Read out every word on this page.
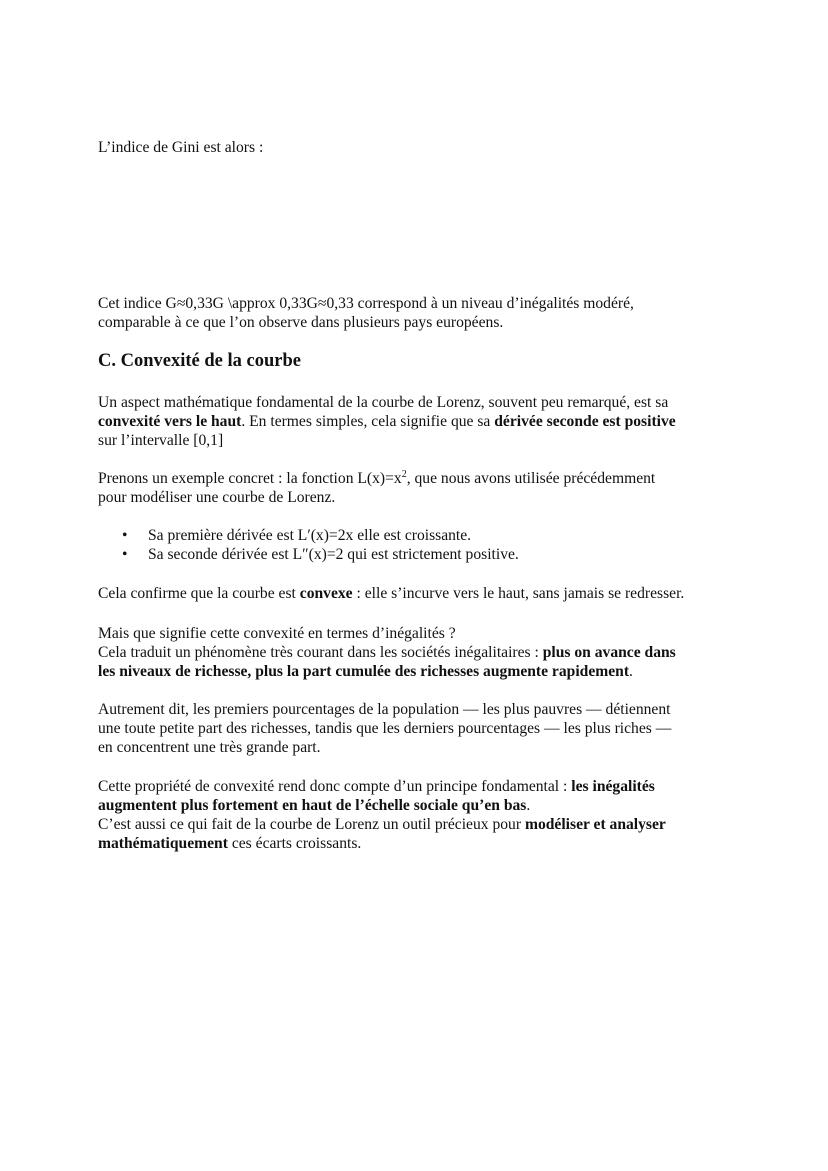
L’indice de Gini est alors :

Cet indice G≈0,33G \approx 0,33G≈0,33 correspond à un niveau d’inégalités modéré,
comparable à ce que l’on observe dans plusieurs pays européens.

C. Convexité de la courbe

Un aspect mathématique fondamental de la courbe de Lorenz, souvent peu remarqué, est sa
convexité vers le haut. En termes simples, cela signifie que sa dérivée seconde est positive
sur l’intervalle [0,1]

Prenons un exemple concret : la fonction $L(x)=x^2$, que nous avons utilisée précédemment
pour modéliser une courbe de Lorenz.

• Sa première dérivée est L′(x)=2x elle est croissante.
• Sa seconde dérivée est L″(x)=2 qui est strictement positive.

Cela confirme que la courbe est convexe : elle s’incurve vers le haut, sans jamais se redresser.

Mais que signifie cette convexité en termes d’inégalités ?
Cela traduit un phénomène très courant dans les sociétés inégalitaires : plus on avance dans
les niveaux de richesse, plus la part cumulée des richesses augmente rapidement.

Autrement dit, les premiers pourcentages de la population — les plus pauvres — détiennent
une toute petite part des richesses, tandis que les derniers pourcentages — les plus riches —
en concentrent une très grande part.

Cette propriété de convexité rend donc compte d’un principe fondamental : les inégalités
augmentent plus fortement en haut de l’échelle sociale qu’en bas.
C’est aussi ce qui fait de la courbe de Lorenz un outil précieux pour modéliser et analyser
mathématiquement ces écarts croissants.
